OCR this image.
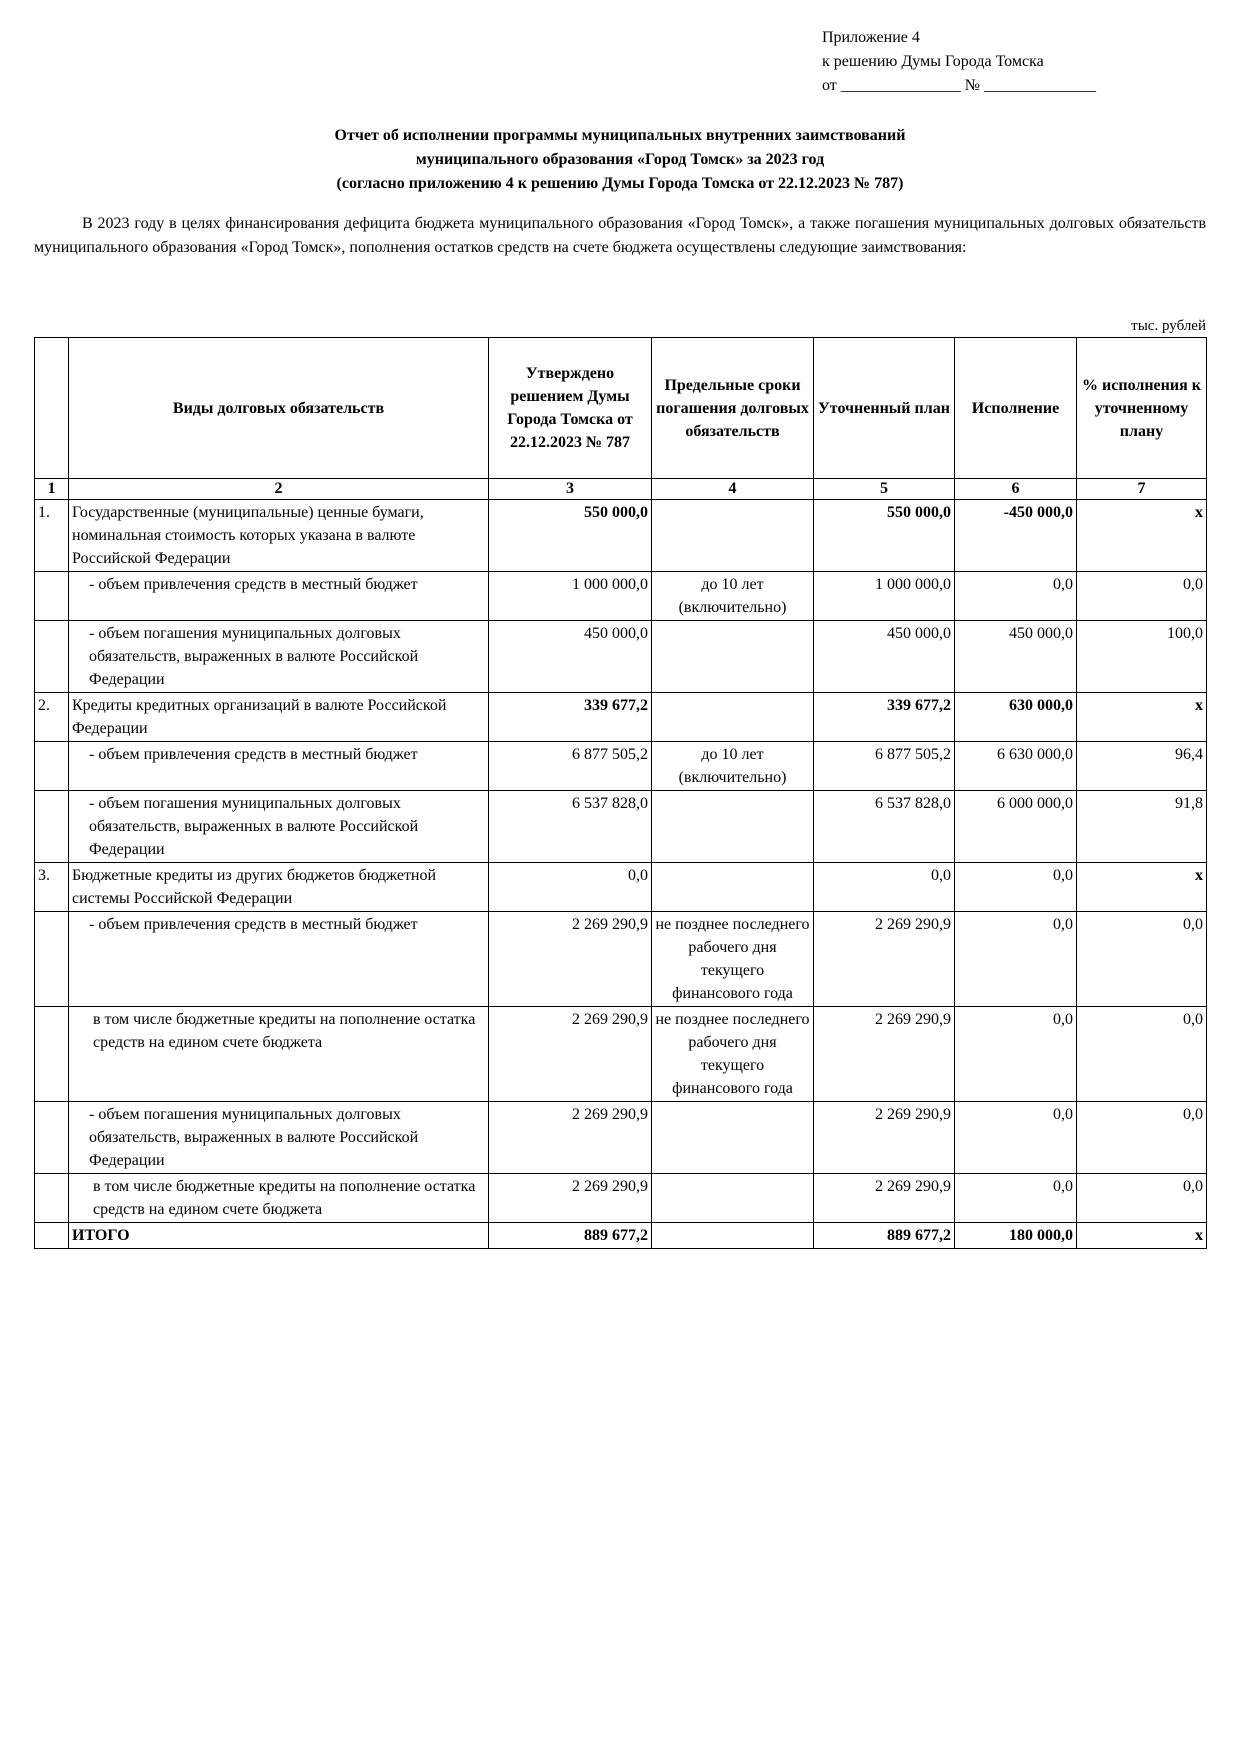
Приложение 4
к решению Думы Города Томска
от _______________ № ______________
Отчет об исполнении программы муниципальных внутренних заимствований
муниципального образования «Город Томск» за 2023 год
(согласно приложению 4 к решению Думы Города Томска от 22.12.2023 № 787)
В 2023 году в целях финансирования дефицита бюджета муниципального образования «Город Томск», а также погашения муниципальных долговых обязательств муниципального образования «Город Томск», пополнения остатков средств на счете бюджета осуществлены следующие заимствования:
тыс. рублей
	Виды долговых обязательств	Утверждено решением Думы Города Томска от 22.12.2023 № 787	Предельные сроки погашения долговых обязательств	Уточненный план	Исполнение	% исполнения к уточненному плану
1	2	3	4	5	6	7
1.	Государственные (муниципальные) ценные бумаги, номинальная стоимость которых указана в валюте Российской Федерации	550 000,0		550 000,0	-450 000,0	х
	- объем привлечения средств в местный бюджет	1 000 000,0	до 10 лет (включительно)	1 000 000,0	0,0	0,0
	- объем погашения муниципальных долговых обязательств, выраженных в валюте Российской Федерации	450 000,0		450 000,0	450 000,0	100,0
2.	Кредиты кредитных организаций в валюте Российской Федерации	339 677,2		339 677,2	630 000,0	х
	- объем привлечения средств в местный бюджет	6 877 505,2	до 10 лет (включительно)	6 877 505,2	6 630 000,0	96,4
	- объем погашения муниципальных долговых обязательств, выраженных в валюте Российской Федерации	6 537 828,0		6 537 828,0	6 000 000,0	91,8
3.	Бюджетные кредиты из других бюджетов бюджетной системы Российской Федерации	0,0		0,0	0,0	х
	- объем привлечения средств в местный бюджет	2 269 290,9	не позднее последнего рабочего дня текущего финансового года	2 269 290,9	0,0	0,0
	в том числе бюджетные кредиты на пополнение остатка средств на едином счете бюджета	2 269 290,9	не позднее последнего рабочего дня текущего финансового года	2 269 290,9	0,0	0,0
	- объем погашения муниципальных долговых обязательств, выраженных в валюте Российской Федерации	2 269 290,9		2 269 290,9	0,0	0,0
	в том числе бюджетные кредиты на пополнение остатка средств на едином счете бюджета	2 269 290,9		2 269 290,9	0,0	0,0
	ИТОГО	889 677,2		889 677,2	180 000,0	х
